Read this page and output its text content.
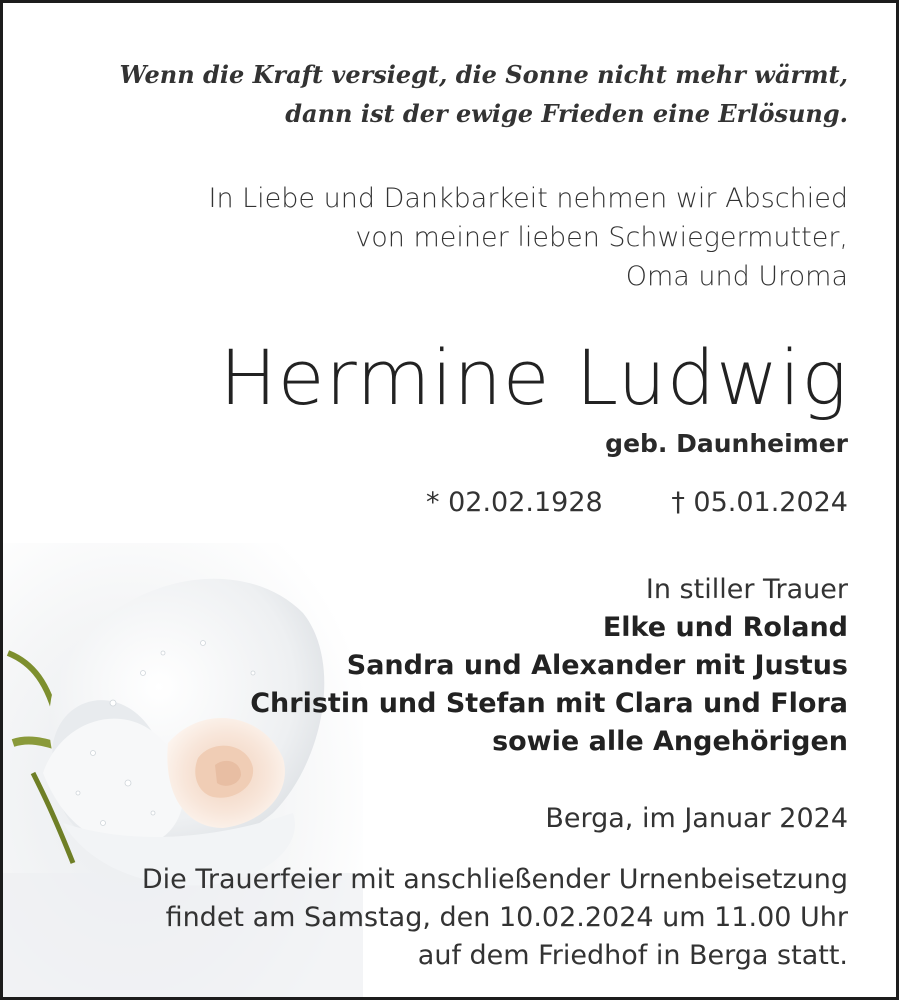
Wenn die Kraft versiegt, die Sonne nicht mehr wärmt,
dann ist der ewige Frieden eine Erlösung.
In Liebe und Dankbarkeit nehmen wir Abschied
von meiner lieben Schwiegermutter,
Oma und Uroma
Hermine Ludwig
geb. Daunheimer
* 02.02.1928	† 05.01.2024
In stiller Trauer
Elke und Roland
Sandra und Alexander mit Justus
Christin und Stefan mit Clara und Flora
sowie alle Angehörigen
Berga, im Januar 2024
Die Trauerfeier mit anschließender Urnenbeisetzung
findet am Samstag, den 10.02.2024 um 11.00 Uhr
auf dem Friedhof in Berga statt.
